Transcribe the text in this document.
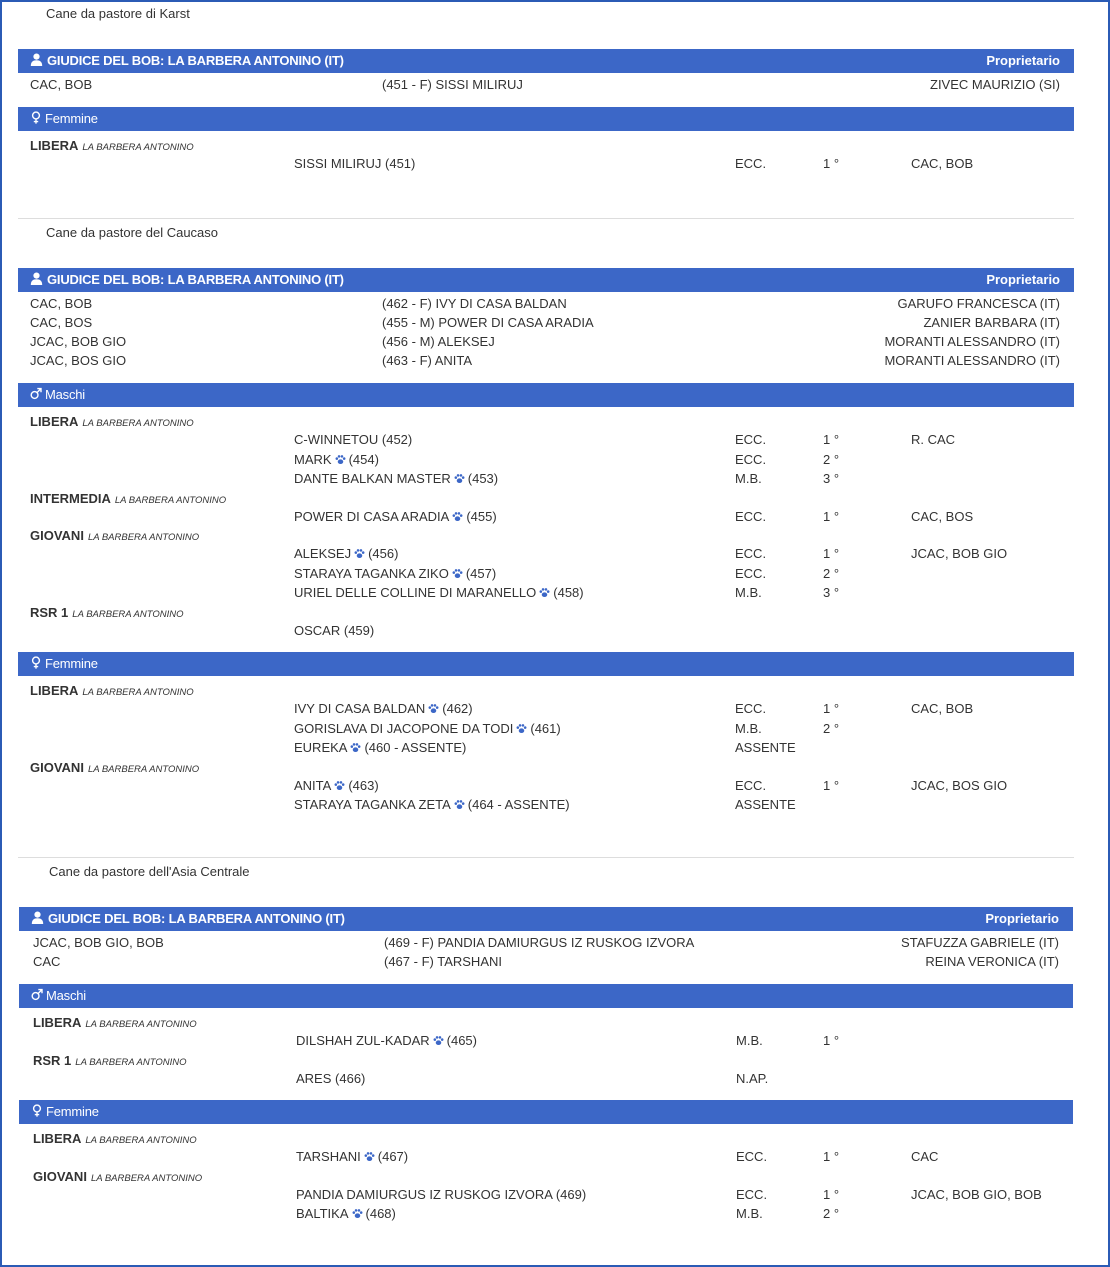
Cane da pastore di Karst
GIUDICE DEL BOB: LA BARBERA ANTONINO (IT)	Proprietario
CAC, BOB	(451 - F) SISSI MILIRUJ	ZIVEC MAURIZIO (SI)
Femmine
LIBERA LA BARBERA ANTONINO
SISSI MILIRUJ (451)	ECC.	1 °	CAC, BOB
Cane da pastore del Caucaso
GIUDICE DEL BOB: LA BARBERA ANTONINO (IT)	Proprietario
CAC, BOB	(462 - F) IVY DI CASA BALDAN	GARUFO FRANCESCA (IT)
CAC, BOS	(455 - M) POWER DI CASA ARADIA	ZANIER BARBARA (IT)
JCAC, BOB GIO	(456 - M) ALEKSEJ	MORANTI ALESSANDRO (IT)
JCAC, BOS GIO	(463 - F) ANITA	MORANTI ALESSANDRO (IT)
Maschi
LIBERA LA BARBERA ANTONINO
C-WINNETOU (452)	ECC.	1 °	R. CAC
MARK (454)	ECC.	2 °
DANTE BALKAN MASTER (453)	M.B.	3 °
INTERMEDIA LA BARBERA ANTONINO
POWER DI CASA ARADIA (455)	ECC.	1 °	CAC, BOS
GIOVANI LA BARBERA ANTONINO
ALEKSEJ (456)	ECC.	1 °	JCAC, BOB GIO
STARAYA TAGANKA ZIKO (457)	ECC.	2 °
URIEL DELLE COLLINE DI MARANELLO (458)	M.B.	3 °
RSR 1 LA BARBERA ANTONINO
OSCAR (459)
Femmine
LIBERA LA BARBERA ANTONINO
IVY DI CASA BALDAN (462)	ECC.	1 °	CAC, BOB
GORISLAVA DI JACOPONE DA TODI (461)	M.B.	2 °
EUREKA (460 - ASSENTE)	ASSENTE
GIOVANI LA BARBERA ANTONINO
ANITA (463)	ECC.	1 °	JCAC, BOS GIO
STARAYA TAGANKA ZETA (464 - ASSENTE)	ASSENTE
Cane da pastore dell'Asia Centrale
GIUDICE DEL BOB: LA BARBERA ANTONINO (IT)	Proprietario
JCAC, BOB GIO, BOB	(469 - F) PANDIA DAMIURGUS IZ RUSKOG IZVORA	STAFUZZA GABRIELE (IT)
CAC	(467 - F) TARSHANI	REINA VERONICA (IT)
Maschi
LIBERA LA BARBERA ANTONINO
DILSHAH ZUL-KADAR (465)	M.B.	1 °
RSR 1 LA BARBERA ANTONINO
ARES (466)	N.AP.
Femmine
LIBERA LA BARBERA ANTONINO
TARSHANI (467)	ECC.	1 °	CAC
GIOVANI LA BARBERA ANTONINO
PANDIA DAMIURGUS IZ RUSKOG IZVORA (469)	ECC.	1 °	JCAC, BOB GIO, BOB
BALTIKA (468)	M.B.	2 °
